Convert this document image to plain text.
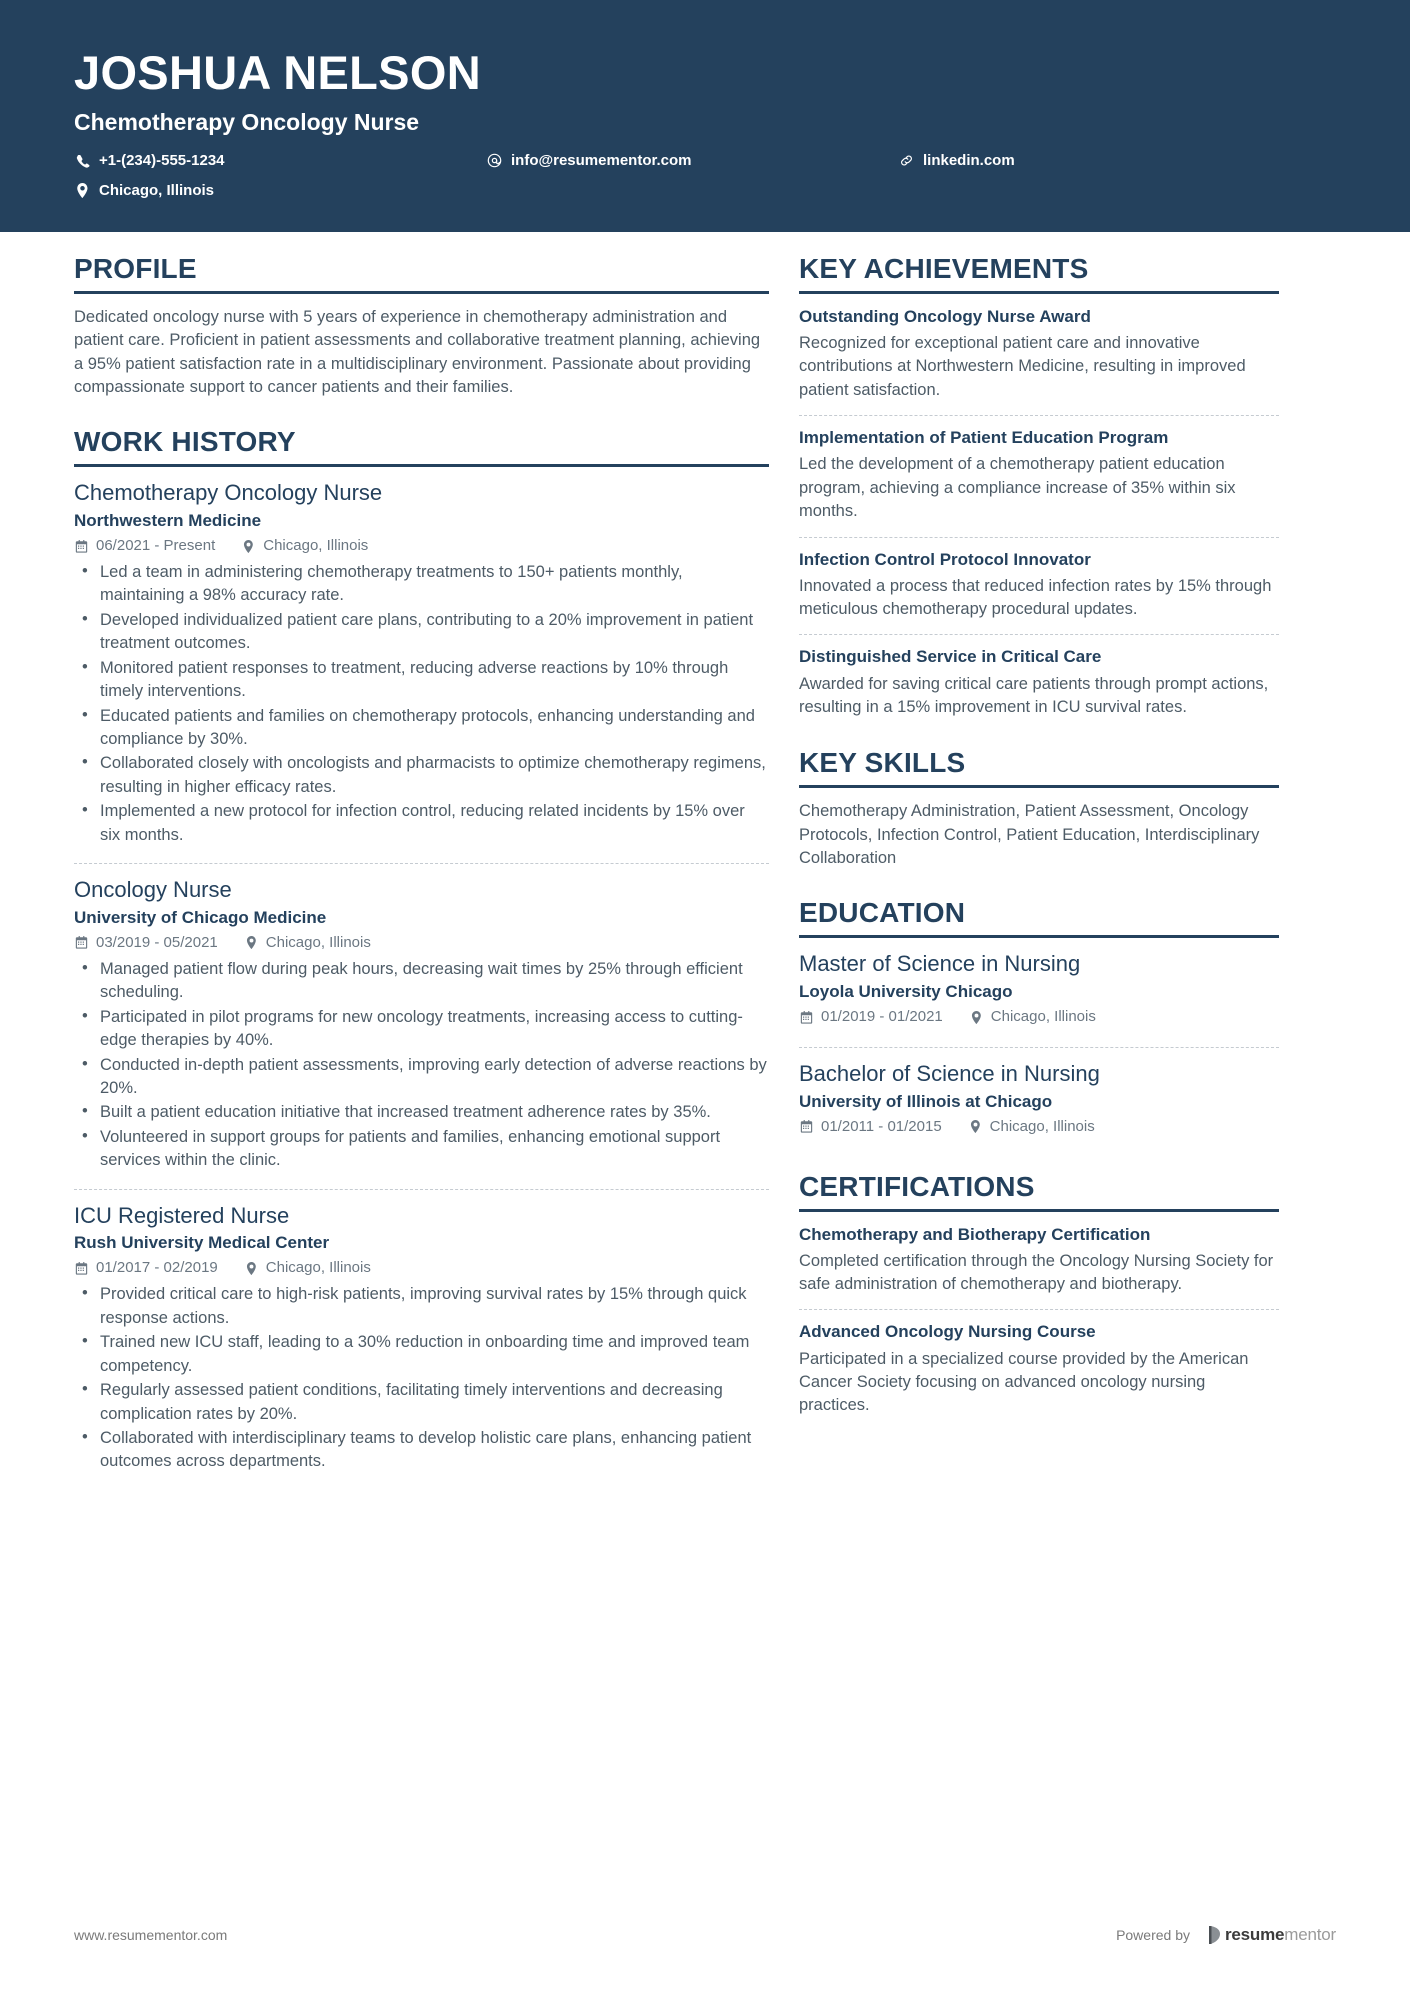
JOSHUA NELSON
Chemotherapy Oncology Nurse
+1-(234)-555-1234	info@resumementor.com	linkedin.com
Chicago, Illinois
PROFILE

Dedicated oncology nurse with 5 years of experience in chemotherapy administration and patient care. Proficient in patient assessments and collaborative treatment planning, achieving a 95% patient satisfaction rate in a multidisciplinary environment. Passionate about providing compassionate support to cancer patients and their families.

WORK HISTORY
Chemotherapy Oncology Nurse
Northwestern Medicine
06/2021 - Present	Chicago, Illinois
• Led a team in administering chemotherapy treatments to 150+ patients monthly, maintaining a 98% accuracy rate.
• Developed individualized patient care plans, contributing to a 20% improvement in patient treatment outcomes.
• Monitored patient responses to treatment, reducing adverse reactions by 10% through timely interventions.
• Educated patients and families on chemotherapy protocols, enhancing understanding and compliance by 30%.
• Collaborated closely with oncologists and pharmacists to optimize chemotherapy regimens, resulting in higher efficacy rates.
• Implemented a new protocol for infection control, reducing related incidents by 15% over six months.
Oncology Nurse
University of Chicago Medicine
03/2019 - 05/2021	Chicago, Illinois
• Managed patient flow during peak hours, decreasing wait times by 25% through efficient scheduling.
• Participated in pilot programs for new oncology treatments, increasing access to cutting-edge therapies by 40%.
• Conducted in-depth patient assessments, improving early detection of adverse reactions by 20%.
• Built a patient education initiative that increased treatment adherence rates by 35%.
• Volunteered in support groups for patients and families, enhancing emotional support services within the clinic.
ICU Registered Nurse
Rush University Medical Center
01/2017 - 02/2019	Chicago, Illinois
• Provided critical care to high-risk patients, improving survival rates by 15% through quick response actions.
• Trained new ICU staff, leading to a 30% reduction in onboarding time and improved team competency.
• Regularly assessed patient conditions, facilitating timely interventions and decreasing complication rates by 20%.
• Collaborated with interdisciplinary teams to develop holistic care plans, enhancing patient outcomes across departments.
KEY ACHIEVEMENTS
Outstanding Oncology Nurse Award

Recognized for exceptional patient care and innovative contributions at Northwestern Medicine, resulting in improved patient satisfaction.

Implementation of Patient Education Program

Led the development of a chemotherapy patient education program, achieving a compliance increase of 35% within six months.

Infection Control Protocol Innovator

Innovated a process that reduced infection rates by 15% through meticulous chemotherapy procedural updates.

Distinguished Service in Critical Care

Awarded for saving critical care patients through prompt actions, resulting in a 15% improvement in ICU survival rates.

KEY SKILLS

Chemotherapy Administration, Patient Assessment, Oncology Protocols, Infection Control, Patient Education, Interdisciplinary Collaboration

EDUCATION
Master of Science in Nursing
Loyola University Chicago
01/2019 - 01/2021	Chicago, Illinois
Bachelor of Science in Nursing
University of Illinois at Chicago
01/2011 - 01/2015	Chicago, Illinois
CERTIFICATIONS
Chemotherapy and Biotherapy Certification

Completed certification through the Oncology Nursing Society for safe administration of chemotherapy and biotherapy.

Advanced Oncology Nursing Course

Participated in a specialized course provided by the American Cancer Society focusing on advanced oncology nursing practices.

www.resumementor.com	Powered by resume mentor
